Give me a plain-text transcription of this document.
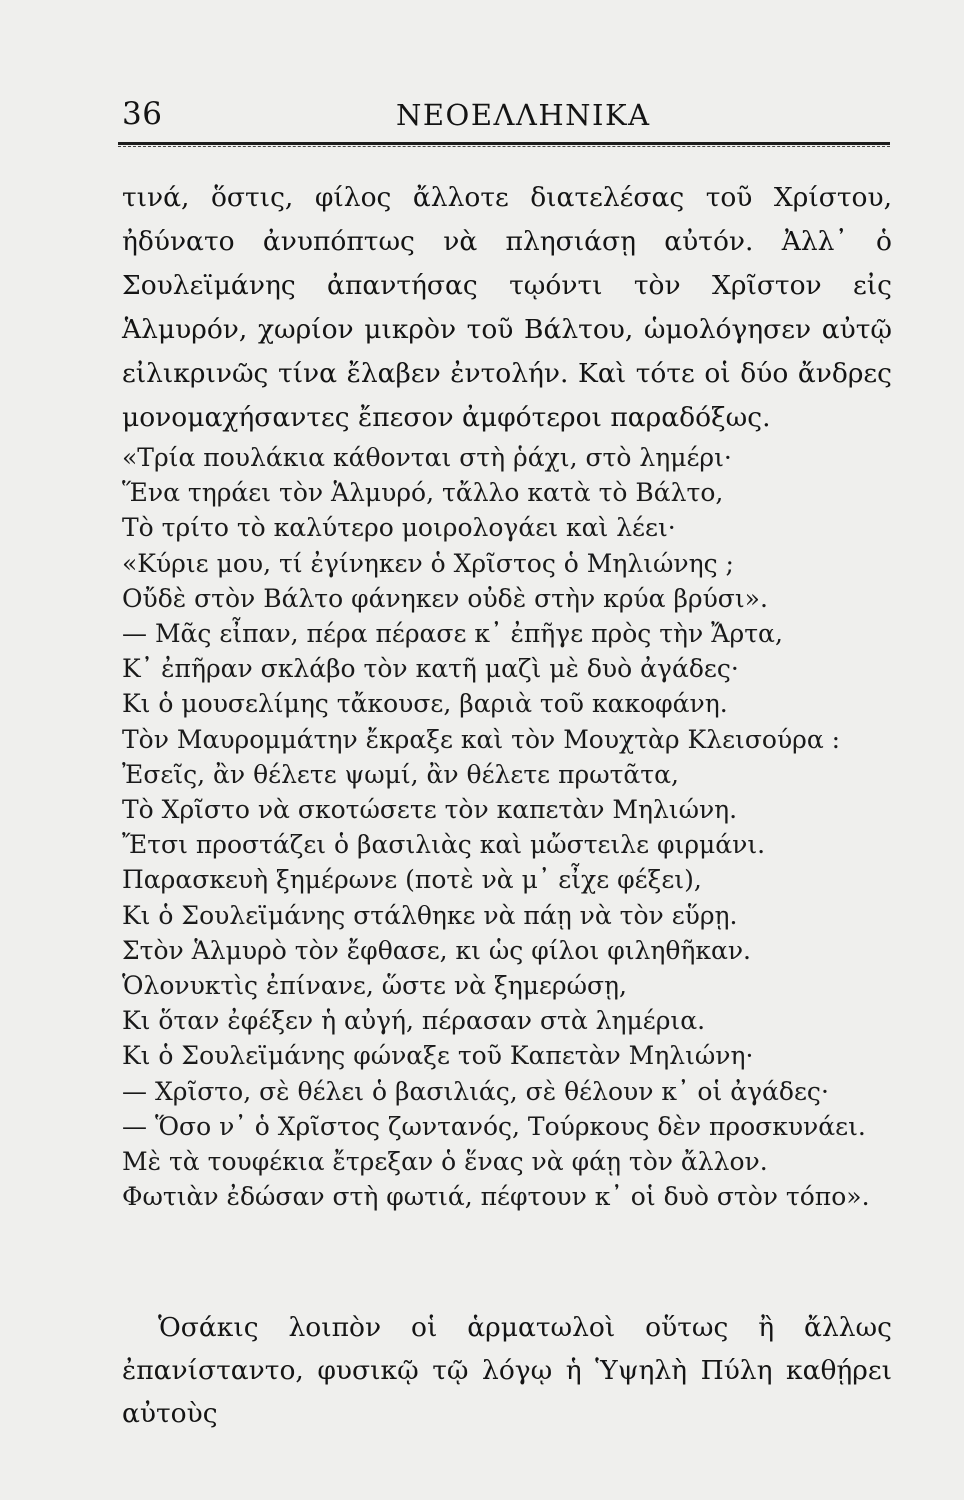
36	ΝΕΟΕΛΛΗΝΙΚΑ

τινά, ὅστις, φίλος ἄλλοτε διατελέσας τοῦ Χρίστου, ἠδύνατο ἀνυπόπτως νὰ πλησιάσῃ αὐτόν. Ἀλλ᾽ ὁ Σουλεϊμάνης ἀπαντήσας τῳόντι τὸν Χρῖστον εἰς Ἁλμυρόν, χωρίον μικρὸν τοῦ Βάλτου, ὡμολόγησεν αὐτῷ εἰλικρινῶς τίνα ἔλαβεν ἐντολήν. Καὶ τότε οἱ δύο ἄνδρες μονομαχήσαντες ἔπεσον ἀμφότεροι παραδόξως.

«Τρία πουλάκια κάθονται στὴ ῥάχι, στὸ λημέρι·
Ἕνα τηράει τὸν Ἁλμυρό, τἄλλο κατὰ τὸ Βάλτο,
Τὸ τρίτο τὸ καλύτερο μοιρολογάει καὶ λέει·
«Κύριε μου, τί ἐγίνηκεν ὁ Χρῖστος ὁ Μηλιώνης ;
Οὔδὲ στὸν Βάλτο φάνηκεν οὐδὲ στὴν κρύα βρύσι».
— Μᾶς εἶπαν, πέρα πέρασε κ᾽ ἐπῆγε πρὸς τὴν Ἄρτα,
Κ᾽ ἐπῆραν σκλάβο τὸν κατῆ μαζὶ μὲ δυὸ ἀγάδες·
Κι ὁ μουσελίμης τἄκουσε, βαριὰ τοῦ κακοφάνη.
Τὸν Μαυρομμάτην ἔκραξε καὶ τὸν Μουχτὰρ Κλεισούρα :
Ἐσεῖς, ἂν θέλετε ψωμί, ἂν θέλετε πρωτᾶτα,
Τὸ Χρῖστο νὰ σκοτώσετε τὸν καπετὰν Μηλιώνη.
Ἔτσι προστάζει ὁ βασιλιὰς καὶ μὤστειλε φιρμάνι.
Παρασκευὴ ξημέρωνε (ποτὲ νὰ μ᾽ εἶχε φέξει),
Κι ὁ Σουλεϊμάνης στάλθηκε νὰ πάῃ νὰ τὸν εὕρῃ.
Στὸν Ἁλμυρὸ τὸν ἔφθασε, κι ὡς φίλοι φιληθῆκαν.
Ὁλονυκτὶς ἐπίνανε, ὥστε νὰ ξημερώσῃ,
Κι ὅταν ἐφέξεν ἡ αὐγή, πέρασαν στὰ λημέρια.
Κι ὁ Σουλεϊμάνης φώναξε τοῦ Καπετὰν Μηλιώνη·
— Χρῖστο, σὲ θέλει ὁ βασιλιάς, σὲ θέλουν κ᾽ οἱ ἀγάδες·
— Ὅσο ν᾽ ὁ Χρῖστος ζωντανός, Τούρκους δὲν προσκυνάει.
Μὲ τὰ τουφέκια ἔτρεξαν ὁ ἕνας νὰ φάῃ τὸν ἄλλον.
Φωτιὰν ἐδώσαν στὴ φωτιά, πέφτουν κ᾽ οἱ δυὸ στὸν τόπο».

Ὁσάκις λοιπὸν οἱ ἁρματωλοὶ οὕτως ἢ ἄλλως ἐπανίσταντο, φυσικῷ τῷ λόγῳ ἡ Ὑψηλὴ Πύλη καθῄρει αὐτοὺς
